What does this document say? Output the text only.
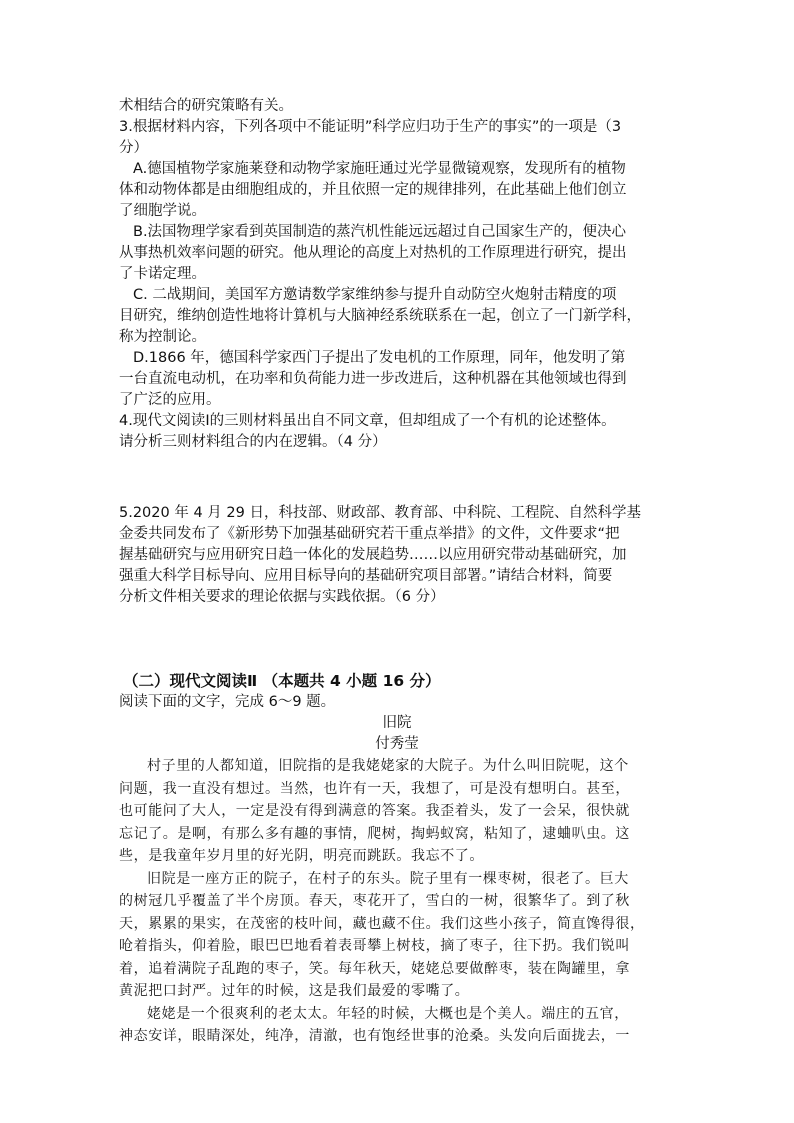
术相结合的研究策略有关。
3.根据材料内容，下列各项中不能证明”科学应归功于生产的事实”的一项是（3
分）
A.德国植物学家施莱登和动物学家施旺通过光学显微镜观察，发现所有的植物
体和动物体都是由细胞组成的，并且依照一定的规律排列，在此基础上他们创立
了细胞学说。
B.法国物理学家看到英国制造的蒸汽机性能远远超过自己国家生产的，便决心
从事热机效率问题的研究。他从理论的高度上对热机的工作原理进行研究，提出
了卡诺定理。
C. 二战期间，美国军方邀请数学家维纳参与提升自动防空火炮射击精度的项
目研究，维纳创造性地将计算机与大脑神经系统联系在一起，创立了一门新学科，
称为控制论。
D.1866 年，德国科学家西门子提出了发电机的工作原理，同年，他发明了第
一台直流电动机，在功率和负荷能力进一步改进后，这种机器在其他领域也得到
了广泛的应用。
4.现代文阅读Ⅰ的三则材料虽出自不同文章，但却组成了一个有机的论述整体。
请分析三则材料组合的内在逻辑。（4 分）
5.2020 年 4 月 29 日，科技部、财政部、教育部、中科院、工程院、自然科学基
金委共同发布了《新形势下加强基础研究若干重点举措》的文件，文件要求“把
握基础研究与应用研究日趋一体化的发展趋势……以应用研究带动基础研究，加
强重大科学目标导向、应用目标导向的基础研究项目部署。”请结合材料，简要
分析文件相关要求的理论依据与实践依据。（6 分）
（二）现代文阅读Ⅱ （本题共 4 小题 16 分）
阅读下面的文字，完成 6～9 题。
旧院
付秀莹
村子里的人都知道，旧院指的是我姥姥家的大院子。为什么叫旧院呢，这个
问题，我一直没有想过。当然，也许有一天，我想了，可是没有想明白。甚至，
也可能问了大人，一定是没有得到满意的答案。我歪着头，发了一会呆，很快就
忘记了。是啊，有那么多有趣的事情，爬树，掏蚂蚁窝，粘知了，逮蛐叭虫。这
些，是我童年岁月里的好光阴，明亮而跳跃。我忘不了。
旧院是一座方正的院子，在村子的东头。院子里有一棵枣树，很老了。巨大
的树冠几乎覆盖了半个房顶。春天，枣花开了，雪白的一树，很繁华了。到了秋
天，累累的果实，在茂密的枝叶间，藏也藏不住。我们这些小孩子，简直馋得很，
呛着指头，仰着脸，眼巴巴地看着表哥攀上树枝，摘了枣子，往下扔。我们锐叫
着，追着满院子乱跑的枣子，笑。每年秋天，姥姥总要做醉枣，装在陶罐里，拿
黄泥把口封严。过年的时候，这是我们最爱的零嘴了。
姥姥是一个很爽利的老太太。年轻的时候，大概也是个美人。端庄的五官，
神态安详，眼睛深处，纯净，清澈，也有饱经世事的沧桑。头发向后面拢去，一
